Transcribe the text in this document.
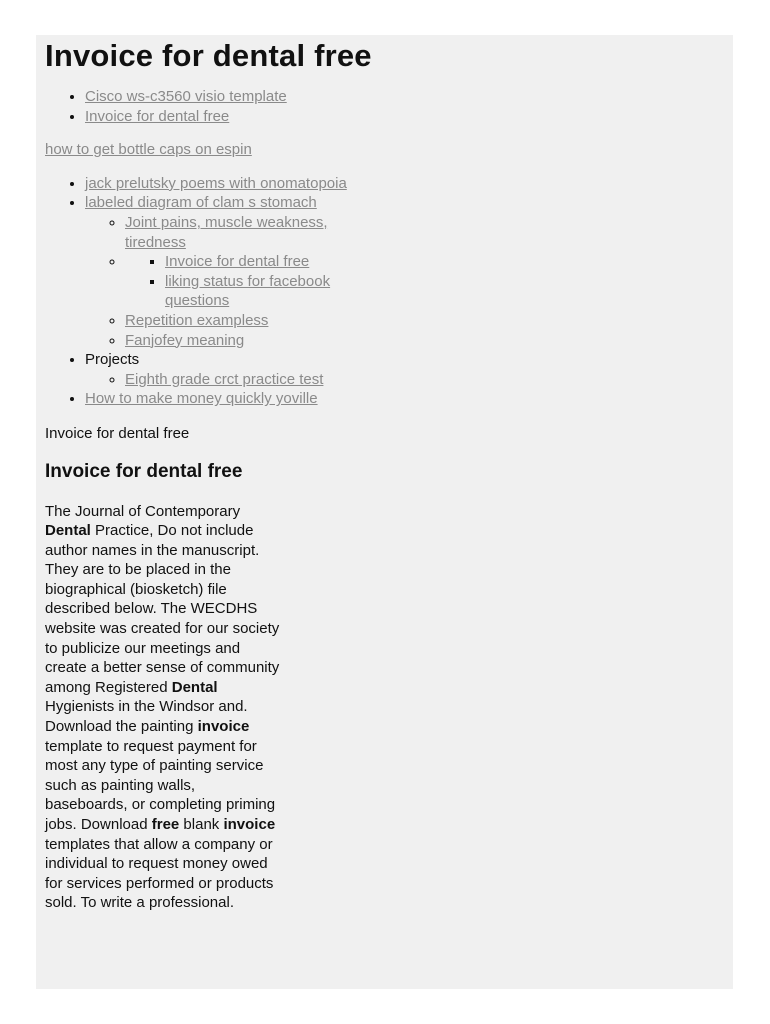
Invoice for dental free
• Cisco ws-c3560 visio template
• Invoice for dental free
how to get bottle caps on espin
• jack prelutsky poems with onomatopoia
• labeled diagram of clam s stomach
◦ Joint pains, muscle weakness, tiredness
▪ ◦ Invoice for dental free
▪ liking status for facebook questions
◦ Repetition exampless
◦ Fanjofey meaning
• Projects
◦ Eighth grade crct practice test
• How to make money quickly yoville
Invoice for dental free
Invoice for dental free
The Journal of Contemporary Dental Practice, Do not include author names in the manuscript. They are to be placed in the biographical (biosketch) file described below. The WECDHS website was created for our society to publicize our meetings and create a better sense of community among Registered Dental Hygienists in the Windsor and. Download the painting invoice template to request payment for most any type of painting service such as painting walls, baseboards, or completing priming jobs. Download free blank invoice templates that allow a company or individual to request money owed for services performed or products sold. To write a professional.
